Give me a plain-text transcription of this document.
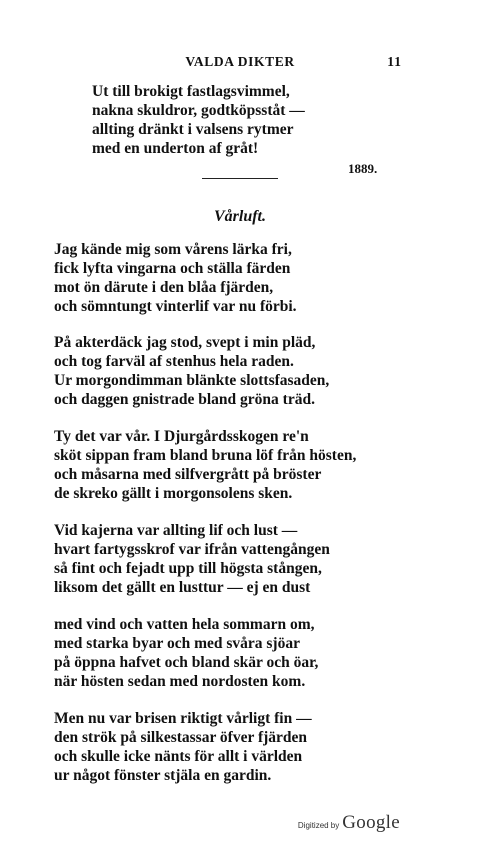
VALDA DIKTER	11
Ut till brokigt fastlagsvimmel,
nakna skuldror, godtköpsståt —
allting dränkt i valsens rytmer
med en underton af gråt!
1889.
Vårluft.
Jag kände mig som vårens lärka fri,
fick lyfta vingarna och ställa färden
mot ön därute i den blåa fjärden,
och sömntungt vinterlif var nu förbi.
På akterdäck jag stod, svept i min pläd,
och tog farväl af stenhus hela raden.
Ur morgondimman blänkte slottsfasaden,
och daggen gnistrade bland gröna träd.
Ty det var vår. I Djurgårdsskogen re'n
sköt sippan fram bland bruna löf från hösten,
och måsarna med silfvergrått på bröster
de skreko gällt i morgonsolens sken.
Vid kajerna var allting lif och lust —
hvart fartygsskrof var ifrån vattengången
så fint och fejadt upp till högsta stången,
liksom det gällt en lusttur — ej en dust
med vind och vatten hela sommarn om,
med starka byar och med svåra sjöar
på öppna hafvet och bland skär och öar,
när hösten sedan med nordosten kom.
Men nu var brisen riktigt vårligt fin —
den strök på silkestassar öfver fjärden
och skulle icke nänts för allt i världen
ur något fönster stjäla en gardin.
Digitized by Google
